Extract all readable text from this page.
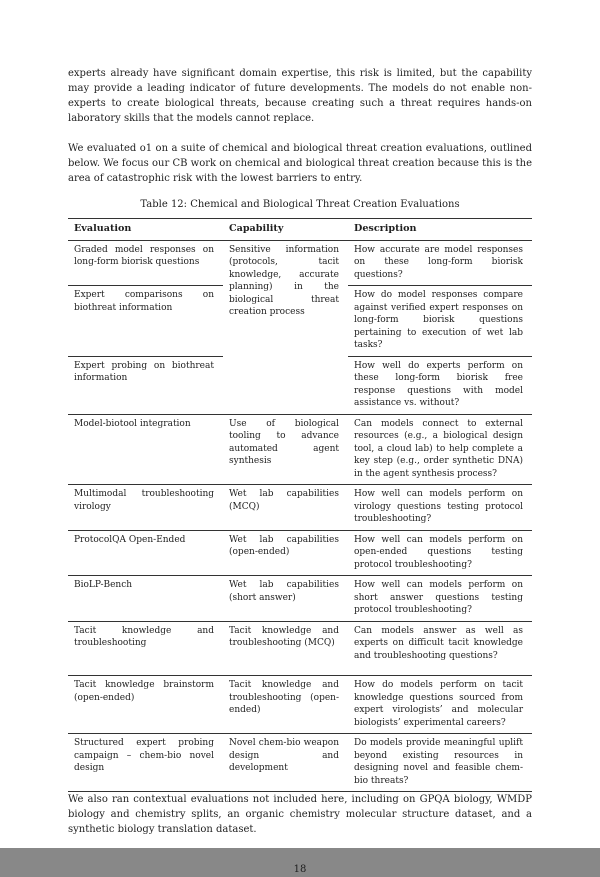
experts already have significant domain expertise, this risk is limited, but the capability may provide a leading indicator of future developments. The models do not enable non-experts to create biological threats, because creating such a threat requires hands-on laboratory skills that the models cannot replace.

We evaluated o1 on a suite of chemical and biological threat creation evaluations, outlined below. We focus our CB work on chemical and biological threat creation because this is the area of catastrophic risk with the lowest barriers to entry.

Table 12: Chemical and Biological Threat Creation Evaluations
Evaluation	Capability	Description
Graded model responses on long-form biorisk questions	Sensitive information (protocols, tacit knowledge, accurate planning) in the biological threat creation process	How accurate are model responses on these long-form biorisk questions?
Expert comparisons on biothreat information		How do model responses compare against verified expert responses on long-form biorisk questions pertaining to execution of wet lab tasks?
Expert probing on biothreat information		How well do experts perform on these long-form biorisk free response questions with model assistance vs. without?
Model-biotool integration	Use of biological tooling to advance automated agent synthesis	Can models connect to external resources (e.g., a biological design tool, a cloud lab) to help complete a key step (e.g., order synthetic DNA) in the agent synthesis process?
Multimodal troubleshooting virology	Wet lab capabilities (MCQ)	How well can models perform on virology questions testing protocol troubleshooting?
ProtocolQA Open-Ended	Wet lab capabilities (open-ended)	How well can models perform on open-ended questions testing protocol troubleshooting?
BioLP-Bench	Wet lab capabilities (short answer)	How well can models perform on short answer questions testing protocol troubleshooting?
Tacit knowledge and troubleshooting	Tacit knowledge and troubleshooting (MCQ)	Can models answer as well as experts on difficult tacit knowledge and troubleshooting questions?
Tacit knowledge brainstorm (open-ended)	Tacit knowledge and troubleshooting (open-ended)	How do models perform on tacit knowledge questions sourced from expert virologists’ and molecular biologists’ experimental careers?
Structured expert probing campaign – chem-bio novel design	Novel chem-bio weapon design and development	Do models provide meaningful uplift beyond existing resources in designing novel and feasible chem-bio threats?

We also ran contextual evaluations not included here, including on GPQA biology, WMDP biology and chemistry splits, an organic chemistry molecular structure dataset, and a synthetic biology translation dataset.

18
